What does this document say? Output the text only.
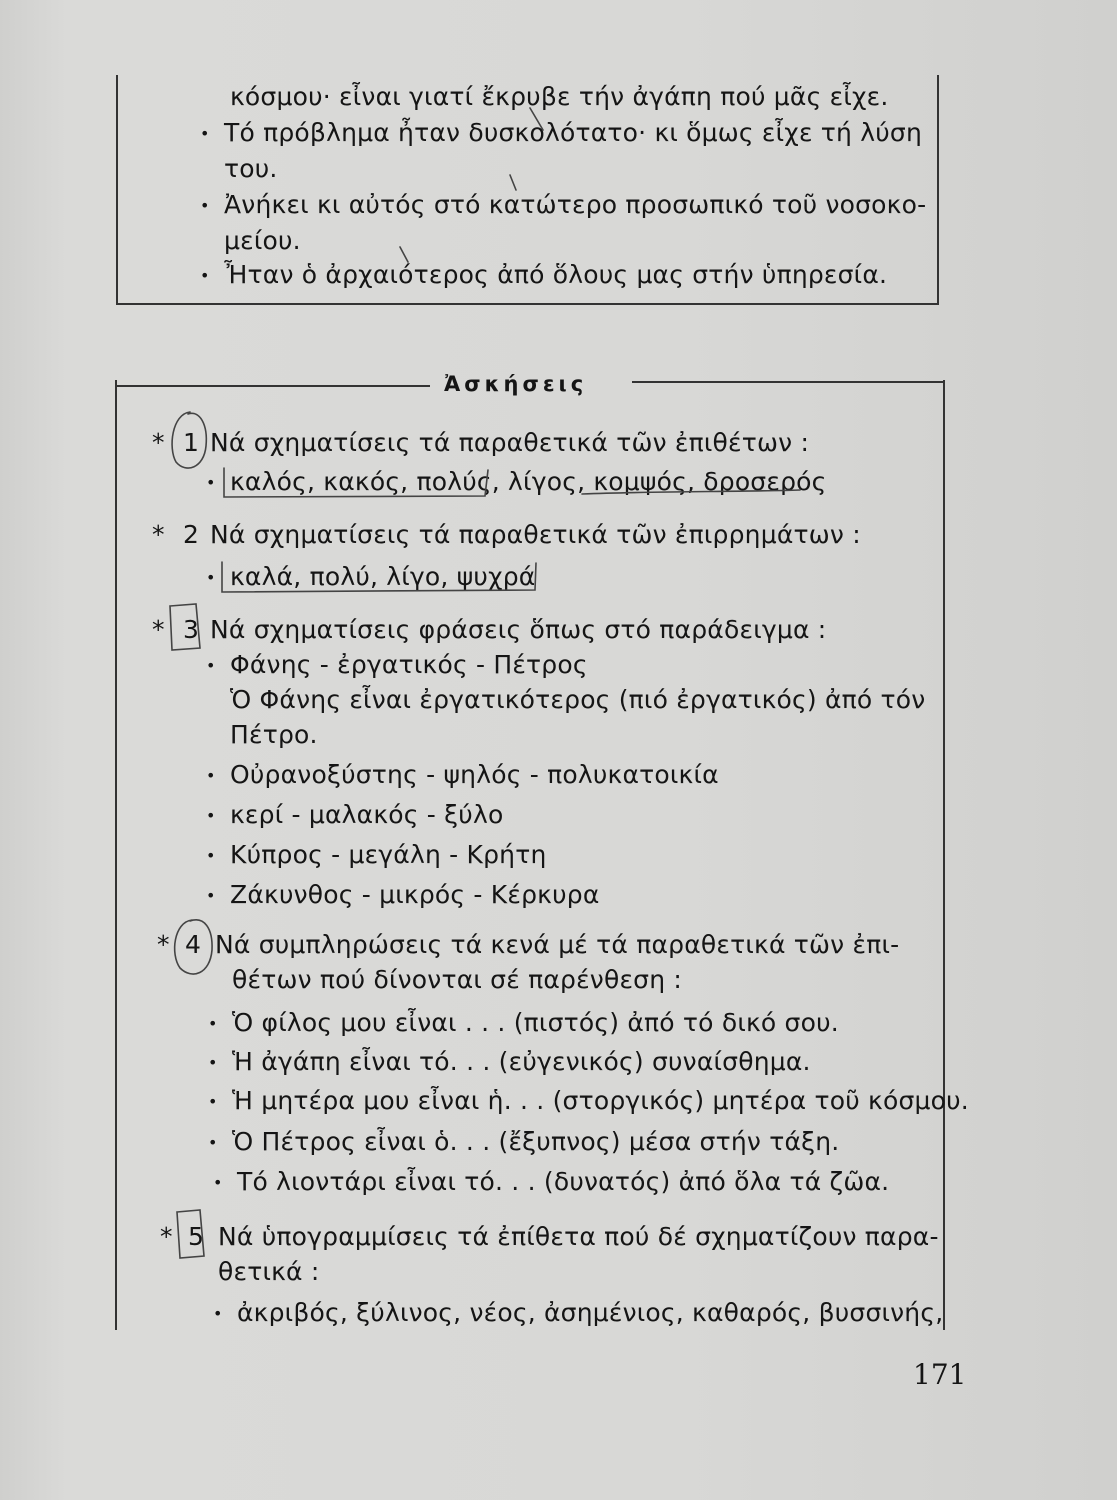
κόσμου· εἶναι γιατί ἔκρυβε τήν ἀγάπη πού μᾶς εἶχε.
• Τό πρόβλημα ἦταν δυσκολότατο· κι ὅμως εἶχε τή λύση
του.
• Ἀνήκει κι αὐτός στό κατώτερο προσωπικό τοῦ νοσοκο-
μείου.
• Ἦταν ὁ ἀρχαιότερος ἀπό ὅλους μας στήν ὑπηρεσία.
Ἀσκήσεις
* 1 Νά σχηματίσεις τά παραθετικά τῶν ἐπιθέτων :
• καλός, κακός, πολύς, λίγος, κομψός, δροσερός
* 2 Νά σχηματίσεις τά παραθετικά τῶν ἐπιρρημάτων :
• καλά, πολύ, λίγο, ψυχρά
* 3 Νά σχηματίσεις φράσεις ὅπως στό παράδειγμα :
• Φάνης - ἐργατικός - Πέτρος
Ὁ Φάνης εἶναι ἐργατικότερος (πιό ἐργατικός) ἀπό τόν
Πέτρο.
• Οὐρανοξύστης - ψηλός - πολυκατοικία
• κερί - μαλακός - ξύλο
• Κύπρος - μεγάλη - Κρήτη
• Ζάκυνθος - μικρός - Κέρκυρα
* 4 Νά συμπληρώσεις τά κενά μέ τά παραθετικά τῶν ἐπι-
θέτων πού δίνονται σέ παρένθεση :
• Ὁ φίλος μου εἶναι . . . (πιστός) ἀπό τό δικό σου.
• Ἡ ἀγάπη εἶναι τό. . . (εὐγενικός) συναίσθημα.
• Ἡ μητέρα μου εἶναι ἡ. . . (στοργικός) μητέρα τοῦ κόσμου.
• Ὁ Πέτρος εἶναι ὁ. . . (ἔξυπνος) μέσα στήν τάξη.
• Τό λιοντάρι εἶναι τό. . . (δυνατός) ἀπό ὅλα τά ζῶα.
* 5 Νά ὑπογραμμίσεις τά ἐπίθετα πού δέ σχηματίζουν παρα-
θετικά :
• ἀκριβός, ξύλινος, νέος, ἀσημένιος, καθαρός, βυσσινής,
171
